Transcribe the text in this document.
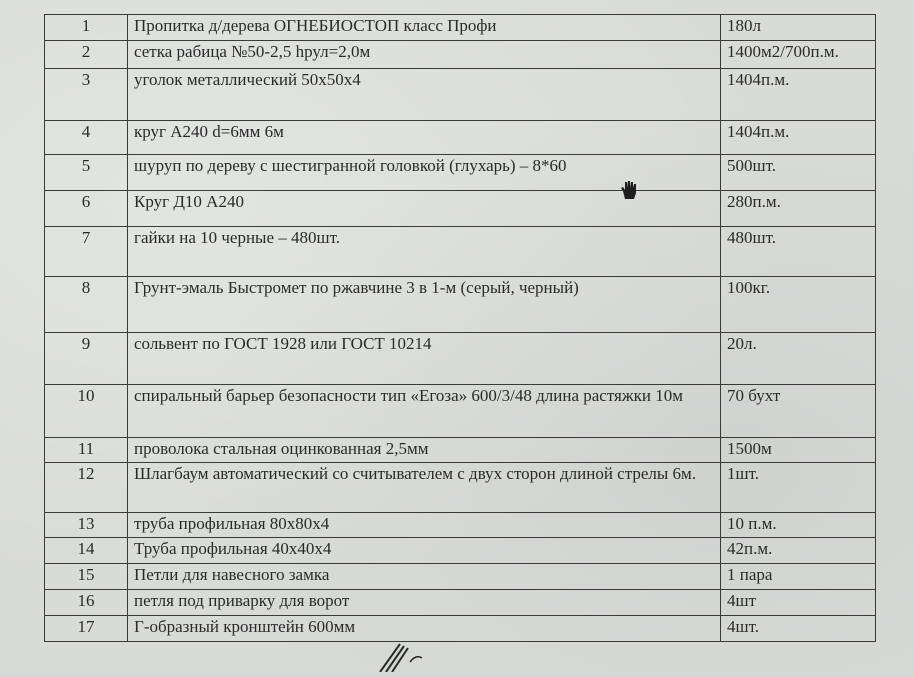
1	Пропитка д/дерева ОГНЕБИОСТОП класс Профи	180л
2	сетка рабица №50-2,5 hрул=2,0м	1400м2/700п.м.
3	уголок металлический 50х50х4	1404п.м.
4	круг А240 d=6мм 6м	1404п.м.
5	шуруп по дереву с шестигранной головкой (глухарь) – 8*60	500шт.
6	Круг Д10 А240	280п.м.
7	гайки на 10 черные – 480шт.	480шт.
8	Грунт-эмаль Быстромет по ржавчине 3 в 1-м (серый, черный)	100кг.
9	сольвент по ГОСТ 1928 или ГОСТ 10214	20л.
10	спиральный барьер безопасности тип «Егоза» 600/3/48 длина растяжки 10м	70 бухт
11	проволока стальная оцинкованная 2,5мм	1500м
12	Шлагбаум автоматический со считывателем с двух сторон длиной стрелы 6м.	1шт.
13	труба профильная 80х80х4	10 п.м.
14	Труба профильная 40х40х4	42п.м.
15	Петли для навесного замка	1 пара
16	петля под приварку для ворот	4шт
17	Г-образный кронштейн 600мм	4шт.
